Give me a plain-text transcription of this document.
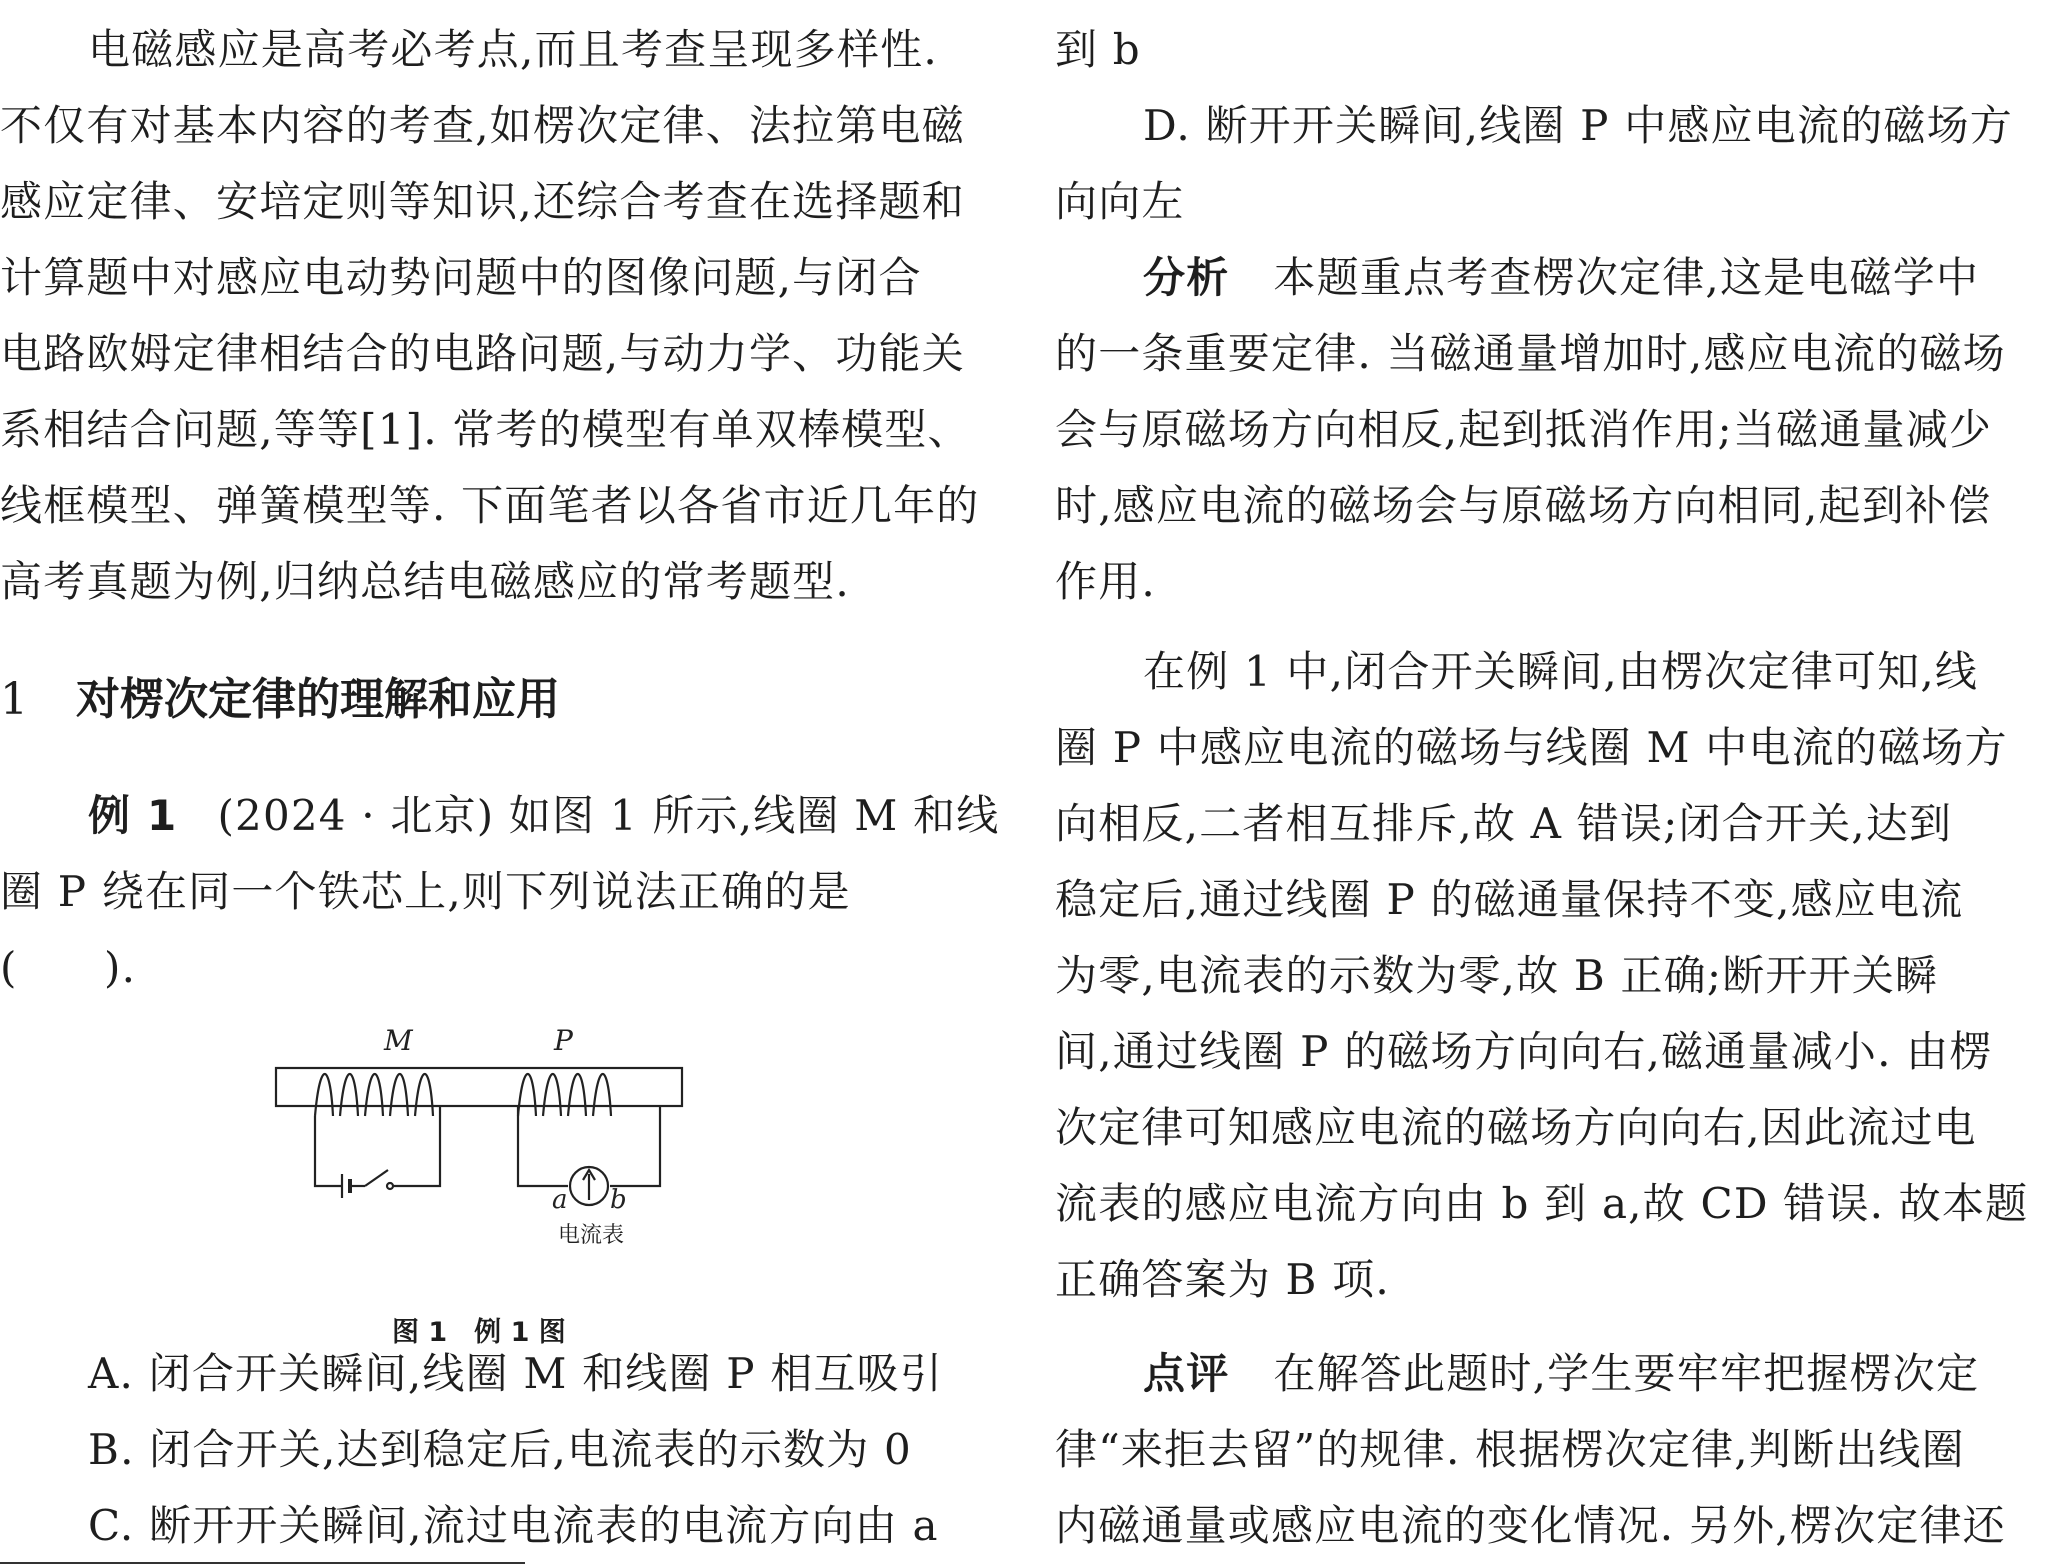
电磁感应是高考必考点,而且考查呈现多样性.
不仅有对基本内容的考查,如楞次定律、法拉第电磁
感应定律、安培定则等知识,还综合考查在选择题和
计算题中对感应电动势问题中的图像问题,与闭合
电路欧姆定律相结合的电路问题,与动力学、功能关
系相结合问题,等等[1]. 常考的模型有单双棒模型、
线框模型、弹簧模型等. 下面笔者以各省市近几年的
高考真题为例,归纳总结电磁感应的常考题型.
1 对楞次定律的理解和应用
例 1 (2024 · 北京) 如图 1 所示,线圈 M 和线
圈 P 绕在同一个铁芯上,则下列说法正确的是
(　　).
M	P
a b
电流表
图 1　例 1 图
A. 闭合开关瞬间,线圈 M 和线圈 P 相互吸引
B. 闭合开关,达到稳定后,电流表的示数为 0
C. 断开开关瞬间,流过电流表的电流方向由 a
到 b
D. 断开开关瞬间,线圈 P 中感应电流的磁场方
向向左
分析 本题重点考查楞次定律,这是电磁学中
的一条重要定律. 当磁通量增加时,感应电流的磁场
会与原磁场方向相反,起到抵消作用;当磁通量减少
时,感应电流的磁场会与原磁场方向相同,起到补偿
作用.
在例 1 中,闭合开关瞬间,由楞次定律可知,线
圈 P 中感应电流的磁场与线圈 M 中电流的磁场方
向相反,二者相互排斥,故 A 错误;闭合开关,达到
稳定后,通过线圈 P 的磁通量保持不变,感应电流
为零,电流表的示数为零,故 B 正确;断开开关瞬
间,通过线圈 P 的磁场方向向右,磁通量减小. 由楞
次定律可知感应电流的磁场方向向右,因此流过电
流表的感应电流方向由 b 到 a,故 CD 错误. 故本题
正确答案为 B 项.
点评 在解答此题时,学生要牢牢把握楞次定
律“来拒去留”的规律. 根据楞次定律,判断出线圈
内磁通量或感应电流的变化情况. 另外,楞次定律还
